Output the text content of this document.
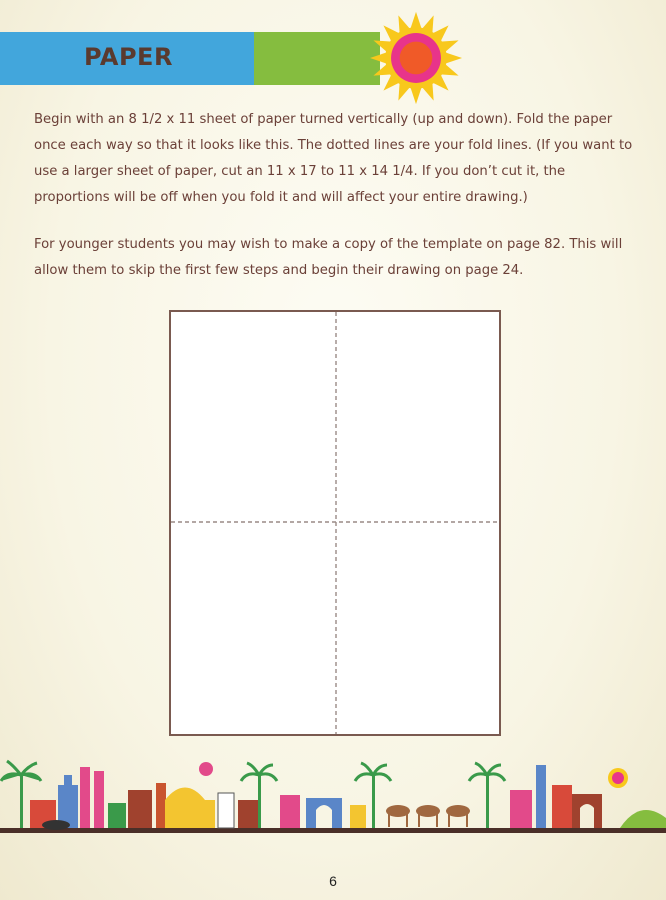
PAPER

Begin with an 8 1/2 x 11 sheet of paper turned vertically (up and down). Fold the paper once each way so that it looks like this. The dotted lines are your fold lines. (If you want to use a larger sheet of paper, cut an 11 x 17 to 11 x 14 1/4. If you don’t cut it, the proportions will be off when you fold it and will affect your entire drawing.)

For younger students you may wish to make a copy of the template on page 82. This will allow them to skip the first few steps and begin their drawing on page 24.

6
